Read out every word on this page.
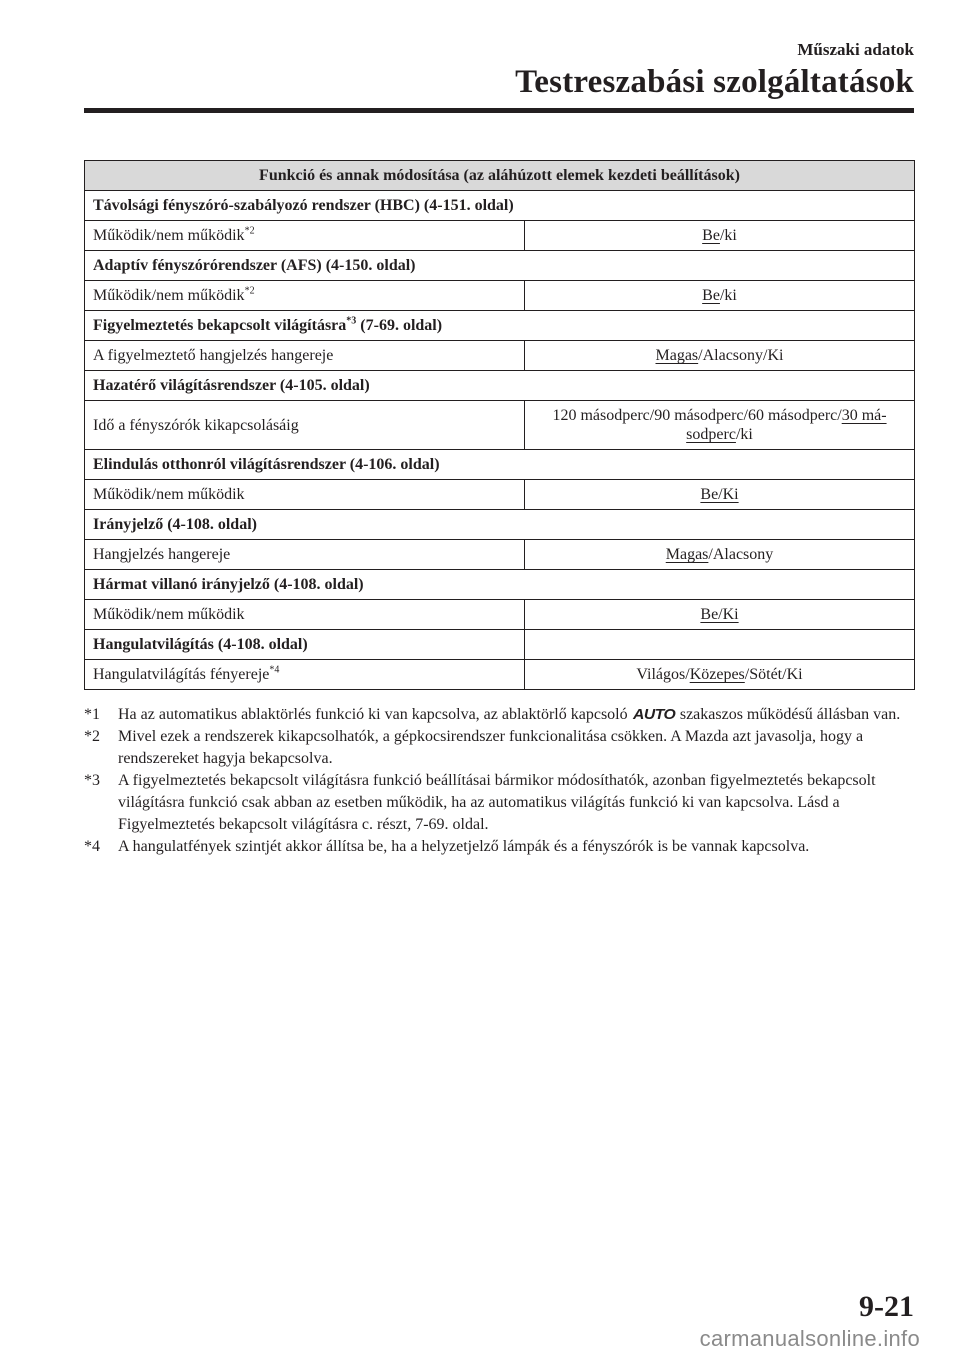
Műszaki adatok
Testreszabási szolgáltatások
Funkció és annak módosítása (az aláhúzott elemek kezdeti beállítások)	
Távolsági fényszóró-szabályozó rendszer (HBC) (4-151. oldal)	
Működik/nem működik$^{*2}$	Be/ki
Adaptív fényszórórendszer (AFS) (4-150. oldal)	
Működik/nem működik$^{*2}$	Be/ki
Figyelmeztetés bekapcsolt világításra$^{*3}$ (7-69. oldal)	
A figyelmeztető hangjelzés hangereje	Magas/Alacsony/Ki
Hazatérő világításrendszer (4-105. oldal)	
Idő a fényszórók kikapcsolásáig	120 másodperc/90 másodperc/60 másodperc/30 má-
sodperc/ki
Elindulás otthonról világításrendszer (4-106. oldal)	
Működik/nem működik	Be/Ki
Irányjelző (4-108. oldal)	
Hangjelzés hangereje	Magas/Alacsony
Hármat villanó irányjelző (4-108. oldal)	
Működik/nem működik	Be/Ki
Hangulatvilágítás (4-108. oldal)	
Hangulatvilágítás fényereje$^{*4}$	Világos/Közepes/Sötét/Ki
*1	Ha az automatikus ablaktörlés funkció ki van kapcsolva, az ablaktörlő kapcsoló AUTO szakaszos működésű állásban van.
*2	Mivel ezek a rendszerek kikapcsolhatók, a gépkocsirendszer funkcionalitása csökken. A Mazda azt javasolja, hogy a rendszereket hagyja bekapcsolva.
*3	A figyelmeztetés bekapcsolt világításra funkció beállításai bármikor módosíthatók, azonban figyelmeztetés bekapcsolt világításra funkció csak abban az esetben működik, ha az automatikus világítás funkció ki van kapcsolva. Lásd a Figyelmeztetés bekapcsolt világításra c. részt, 7-69. oldal.
*4	A hangulatfények szintjét akkor állítsa be, ha a helyzetjelző lámpák és a fényszórók is be vannak kapcsolva.
9-21
carmanualsonline.info
